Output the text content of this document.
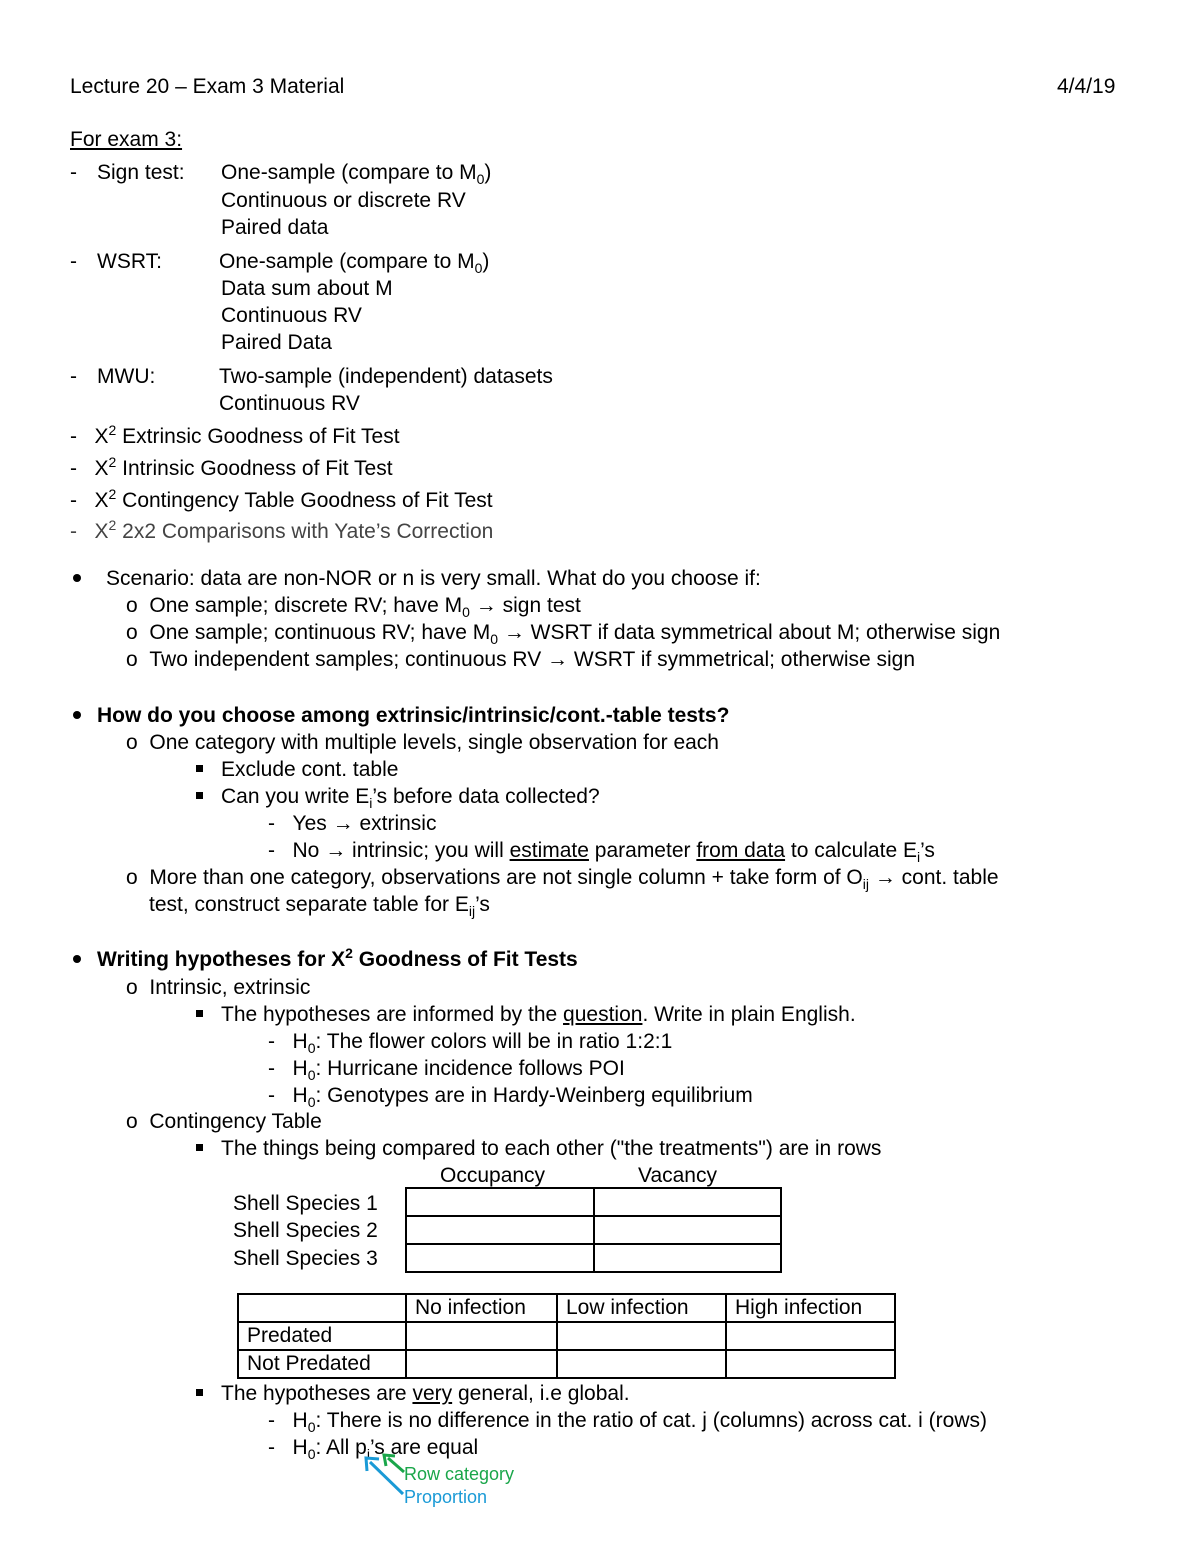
Lecture 20 – Exam 3 Material	4/4/19
For exam 3:
- Sign test: One-sample (compare to $M_0$)
Continuous or discrete RV
Paired data
- WSRT:	One-sample (compare to $M_0$)
Data sum about M
Continuous RV
Paired Data
- MWU:	Two-sample (independent) datasets
Continuous RV
- $X^2$ Extrinsic Goodness of Fit Test
- $X^2$ Intrinsic Goodness of Fit Test
- $X^2$ Contingency Table Goodness of Fit Test
- $X^2$ 2x2 Comparisons with Yate’s Correction
Scenario: data are non-NOR or n is very small. What do you choose if:
o  One sample; discrete RV; have $M_0$ → sign test
o  One sample; continuous RV; have $M_0$ → WSRT if data symmetrical about M; otherwise sign
o  Two independent samples; continuous RV → WSRT if symmetrical; otherwise sign
How do you choose among extrinsic/intrinsic/cont.-table tests?
o  One category with multiple levels, single observation for each
Exclude cont. table
Can you write $E_i’s$ before data collected?
- Yes → extrinsic
- No → intrinsic; you will estimate parameter from data to calculate $E_i’s$
o  More than one category, observations are not single column + take form of $O_{ij}$ → cont. table
test, construct separate table for $E_{ij}’s$
Writing hypotheses for $X^2$ Goodness of Fit Tests
o  Intrinsic, extrinsic
The hypotheses are informed by the question. Write in plain English.
- $H_0$: The flower colors will be in ratio 1:2:1
- $H_0$: Hurricane incidence follows POI
- $H_0$: Genotypes are in Hardy-Weinberg equilibrium
o  Contingency Table
The things being compared to each other ("the treatments") are in rows
Occupancy	Vacancy
Shell Species 1
Shell Species 2
Shell Species 3

	No infection	Low infection	High infection
Predated			
Not Predated			
The hypotheses are very general, i.e global.
- $H_0$: There is no difference in the ratio of cat. j (columns) across cat. i (rows)
- $H_0$: All $p_i’s$ are equal
Row category
Proportion
